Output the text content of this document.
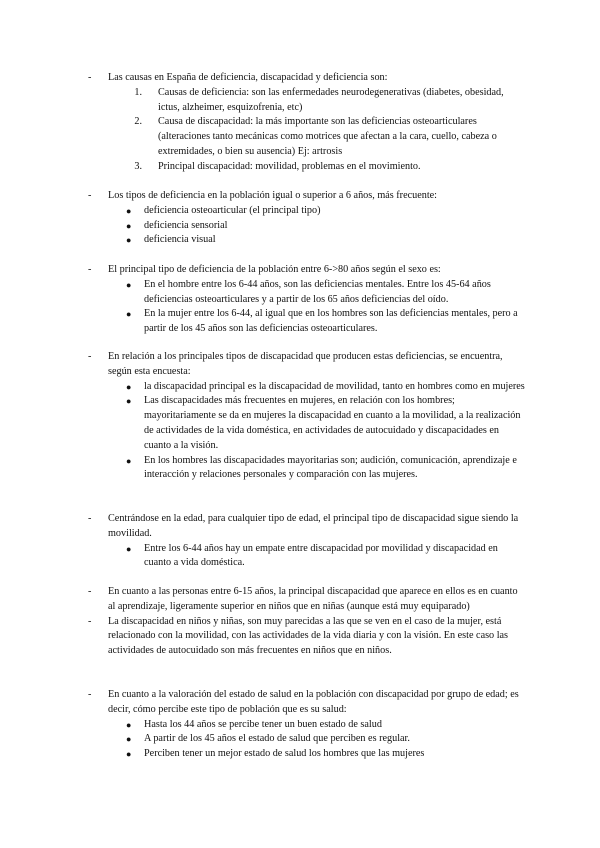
- Las causas en España de deficiencia, discapacidad y deficiencia son:
1. Causas de deficiencia: son las enfermedades neurodegenerativas (diabetes, obesidad, ictus, alzheimer, esquizofrenia, etc)
2. Causa de discapacidad: la más importante son las deficiencias osteoarticulares (alteraciones tanto mecánicas como motrices que afectan a la cara, cuello, cabeza o extremidades, o bien su ausencia) Ej: artrosis
3. Principal discapacidad: movilidad, problemas en el movimiento.
- Los tipos de deficiencia en la población igual o superior a 6 años, más frecuente:
● deficiencia osteoarticular (el principal tipo)
● deficiencia sensorial
● deficiencia visual
- El principal tipo de deficiencia de la población entre 6->80 años según el sexo es:
● En el hombre entre los 6-44 años, son las deficiencias mentales. Entre los 45-64 años deficiencias osteoarticulares y a partir de los 65 años deficiencias del oído.
● En la mujer entre los 6-44, al igual que en los hombres son las deficiencias mentales, pero a partir de los 45 años son las deficiencias osteoarticulares.
- En relación a los principales tipos de discapacidad que producen estas deficiencias, se encuentra, según esta encuesta:
● la discapacidad principal es la discapacidad de movilidad, tanto en hombres como en mujeres
● Las discapacidades más frecuentes en mujeres, en relación con los hombres; mayoritariamente se da en mujeres la discapacidad en cuanto a la movilidad, a la realización de actividades de la vida doméstica, en actividades de autocuidado y discapacidades en cuanto a la visión.
● En los hombres las discapacidades mayoritarias son; audición, comunicación, aprendizaje e interacción y relaciones personales y comparación con las mujeres.
- Centrándose en la edad, para cualquier tipo de edad, el principal tipo de discapacidad sigue siendo la movilidad.
● Entre los 6-44 años hay un empate entre discapacidad por movilidad y discapacidad en cuanto a vida doméstica.
- En cuanto a las personas entre 6-15 años, la principal discapacidad que aparece en ellos es en cuanto al aprendizaje, ligeramente superior en niños que en niñas (aunque está muy equiparado)
- La discapacidad en niños y niñas, son muy parecidas a las que se ven en el caso de la mujer, está relacionado con la movilidad, con las actividades de la vida diaria y con la visión. En este caso las actividades de autocuidado son más frecuentes en niños que en niños.
- En cuanto a la valoración del estado de salud en la población con discapacidad por grupo de edad; es decir, cómo percibe este tipo de población que es su salud:
● Hasta los 44 años se percibe tener un buen estado de salud
● A partir de los 45 años el estado de salud que perciben es regular.
● Perciben tener un mejor estado de salud los hombres que las mujeres
